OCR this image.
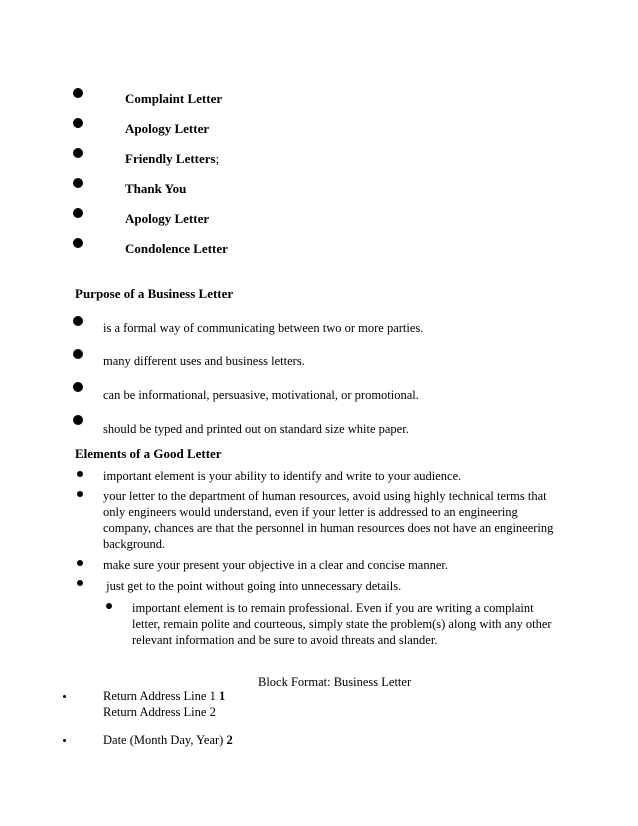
Complaint Letter
Apology Letter
Friendly Letters;
Thank You
Apology Letter
Condolence Letter
Purpose of a Business Letter
is a formal way of communicating between two or more parties.
many different uses and business letters.
can be informational, persuasive, motivational, or promotional.
should be typed and printed out on standard size white paper.
Elements of a Good Letter
important element is your ability to identify and write to your audience.
your letter to the department of human resources, avoid using highly technical terms that only engineers would understand, even if your letter is addressed to an engineering company, chances are that the personnel in human resources does not have an engineering background.
make sure your present your objective in a clear and concise manner.
just get to the point without going into unnecessary details.
important element is to remain professional. Even if you are writing a complaint letter, remain polite and courteous, simply state the problem(s) along with any other relevant information and be sure to avoid threats and slander.
Block Format: Business Letter
Return Address Line 1 1
Return Address Line 2
Date (Month Day, Year) 2
